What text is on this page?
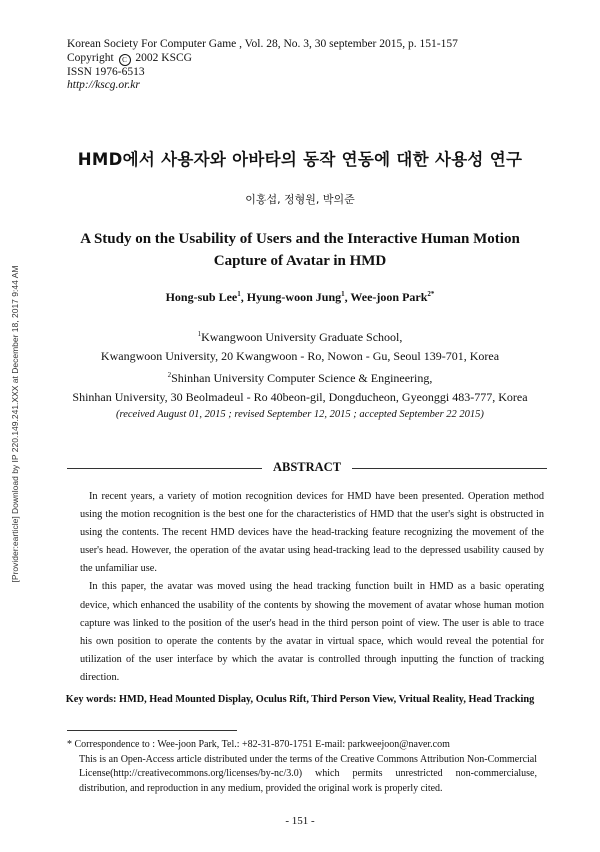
[Provider:earticle] Download by IP 220.149.241.XXX at December 18, 2017 9:44 AM
Korean Society For Computer Game , Vol. 28, No. 3, 30 september 2015, p. 151-157
Copyright C 2002 KSCG
ISSN 1976-6513
http://kscg.or.kr
HMD에서 사용자와 아바타의 동작 연동에 대한 사용성 연구
이홍섭, 정형원, 박의준
A Study on the Usability of Users and the Interactive Human Motion
Capture of Avatar in HMD
Hong-sub Lee$^1$, Hyung-woon Jung$^1$, Wee-joon Park$^{2*}$
$^1$Kwangwoon University Graduate School,
Kwangwoon University, 20 Kwangwoon - Ro, Nowon - Gu, Seoul 139-701, Korea
$^2$Shinhan University Computer Science & Engineering,
Shinhan University, 30 Beolmadeul - Ro 40beon-gil, Dongducheon, Gyeonggi 483-777, Korea
(received August 01, 2015 ; revised September 12, 2015 ; accepted September 22 2015)
ABSTRACT

In recent years, a variety of motion recognition devices for HMD have been presented. Operation method using the motion recognition is the best one for the characteristics of HMD that the user's sight is obstructed in using the contents. The recent HMD devices have the head-tracking feature recognizing the movement of the user's head. However, the operation of the avatar using head-tracking lead to the depressed usability caused by the unfamiliar use.

In this paper, the avatar was moved using the head tracking function built in HMD as a basic operating device, which enhanced the usability of the contents by showing the movement of avatar whose human motion capture was linked to the position of the user's head in the third person point of view. The user is able to trace his own position to operate the contents by the avatar in virtual space, which would reveal the potential for utilization of the user interface by which the avatar is controlled through inputting the function of tracking direction.

Key words: HMD, Head Mounted Display, Oculus Rift, Third Person View, Vritual Reality, Head Tracking

* Correspondence to : Wee-joon Park, Tel.: +82-31-870-1751 E-mail: parkweejoon@naver.com

This is an Open-Access article distributed under the terms of the Creative Commons Attribution Non-Commercial License(http://creativecommons.org/licenses/by-nc/3.0) which permits unrestricted non-commercialuse, distribution, and reproduction in any medium, provided the original work is properly cited.

- 151 -
